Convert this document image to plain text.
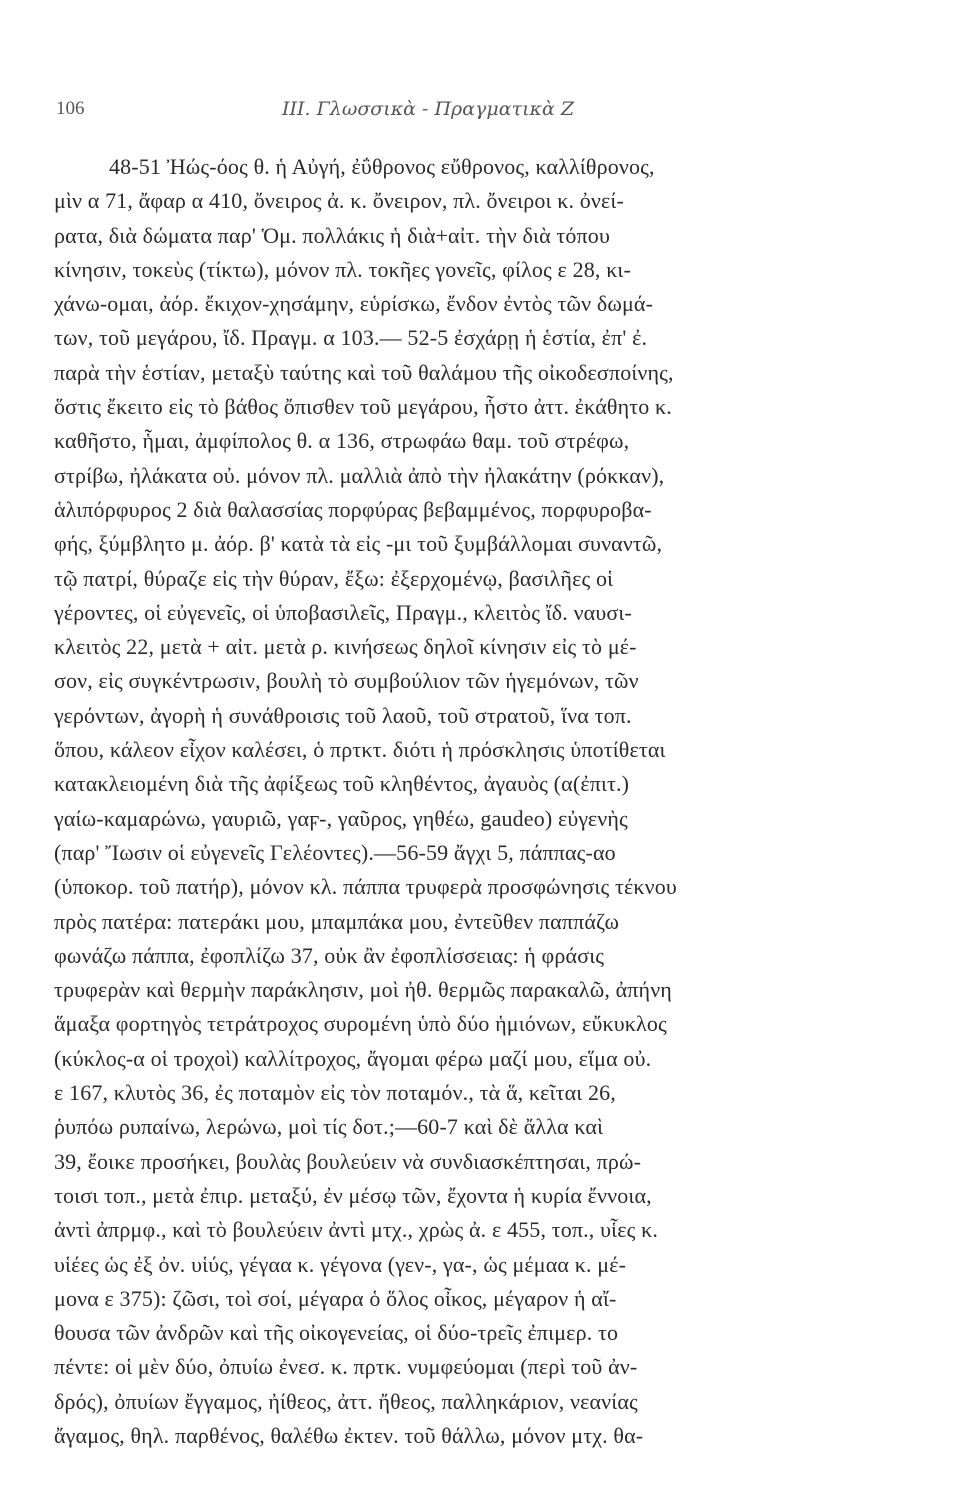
106	ΙΙΙ. Γλωσσικὰ - Πραγματικὰ Ζ
48-51 Ἠώς-όος θ. ἡ Αὐγή, ἐΰθρονος εὔθρονος, καλλίθρονος,
μὶν α 71, ἄφαρ α 410, ὄνειρος ἀ. κ. ὄνειρον, πλ. ὄνειροι κ. ὀνεί-
ρατα, διὰ δώματα παρ' Ὁμ. πολλάκις ἡ διὰ+αἰτ. τὴν διὰ τόπου
κίνησιν, τοκεὺς (τίκτω), μόνον πλ. τοκῆες γονεῖς, φίλος ε 28, κι-
χάνω-ομαι, ἀόρ. ἔκιχον-χησάμην, εὑρίσκω, ἔνδον ἐντὸς τῶν δωμά-
των, τοῦ μεγάρου, ἴδ. Πραγμ. α 103.— 52-5 ἐσχάρῃ ἡ ἑστία, ἐπ' ἐ.
παρὰ τὴν ἑστίαν, μεταξὺ ταύτης καὶ τοῦ θαλάμου τῆς οἰκοδεσποίνης,
ὅστις ἔκειτο εἰς τὸ βάθος ὄπισθεν τοῦ μεγάρου, ἧστο ἀττ. ἐκάθητο κ.
καθῆστο, ἧμαι, ἀμφίπολος θ. α 136, στρωφάω θαμ. τοῦ στρέφω,
στρίβω, ἠλάκατα οὐ. μόνον πλ. μαλλιὰ ἀπὸ τὴν ἠλακάτην (ρόκκαν),
ἁλιπόρφυρος 2 διὰ θαλασσίας πορφύρας βεβαμμένος, πορφυροβα-
φής, ξύμβλητο μ. ἀόρ. β' κατὰ τὰ εἰς -μι τοῦ ξυμβάλλομαι συναντῶ,
τῷ πατρί, θύραζε εἰς τὴν θύραν, ἔξω: ἐξερχομένῳ, βασιλῆες οἱ
γέροντες, οἱ εὐγενεῖς, οἱ ὑποβασιλεῖς, Πραγμ., κλειτὸς ἴδ. ναυσι-
κλειτὸς 22, μετὰ + αἰτ. μετὰ ρ. κινήσεως δηλοῖ κίνησιν εἰς τὸ μέ-
σον, εἰς συγκέντρωσιν, βουλὴ τὸ συμβούλιον τῶν ἡγεμόνων, τῶν
γερόντων, ἀγορὴ ἡ συνάθροισις τοῦ λαοῦ, τοῦ στρατοῦ, ἵνα τοπ.
ὅπου, κάλεον εἶχον καλέσει, ὁ πρτκτ. διότι ἡ πρόσκλησις ὑποτίθεται
κατακλειομένη διὰ τῆς ἀφίξεως τοῦ κληθέντος, ἀγαυὸς (α(ἐπιτ.)
γαίω-καμαρώνω, γαυριῶ, γαϝ-, γαῦρος, γηθέω, gaudeo) εὐγενὴς
(παρ' Ἴωσιν οἱ εὐγενεῖς Γελέοντες).—56-59 ἄγχι 5, πάππας-αο
(ὑποκορ. τοῦ πατήρ), μόνον κλ. πάππα τρυφερὰ προσφώνησις τέκνου
πρὸς πατέρα: πατεράκι μου, μπαμπάκα μου, ἐντεῦθεν παππάζω
φωνάζω πάππα, ἐφοπλίζω 37, οὐκ ἂν ἐφοπλίσσειας: ἡ φράσις
τρυφερὰν καὶ θερμὴν παράκλησιν, μοὶ ἠθ. θερμῶς παρακαλῶ, ἀπήνη
ἅμαξα φορτηγὸς τετράτροχος συρομένη ὑπὸ δύο ἡμιόνων, εὔκυκλος
(κύκλος-α οἱ τροχοὶ) καλλίτροχος, ἄγομαι φέρω μαζί μου, εἵμα οὐ.
ε 167, κλυτὸς 36, ἐς ποταμὸν εἰς τὸν ποταμόν., τὰ ἅ, κεῖται 26,
ῥυπόω ρυπαίνω, λερώνω, μοὶ τίς δοτ.;—60-7 καὶ δὲ ἄλλα καὶ
39, ἔοικε προσήκει, βουλὰς βουλεύειν νὰ συνδιασκέπτησαι, πρώ-
τοισι τοπ., μετὰ ἐπιρ. μεταξύ, ἐν μέσῳ τῶν, ἔχοντα ἡ κυρία ἔννοια,
ἀντὶ ἀπρμφ., καὶ τὸ βουλεύειν ἀντὶ μτχ., χρὼς ἀ. ε 455, τοπ., υἷες κ.
υἱέες ὡς ἐξ ὀν. υἱύς, γέγαα κ. γέγονα (γεν-, γα-, ὡς μέμαα κ. μέ-
μονα ε 375): ζῶσι, τοὶ σοί, μέγαρα ὁ ὅλος οἶκος, μέγαρον ἡ αἴ-
θουσα τῶν ἀνδρῶν καὶ τῆς οἰκογενείας, οἱ δύο-τρεῖς ἐπιμερ. το
πέντε: οἱ μὲν δύο, ὀπυίω ἐνεσ. κ. πρτκ. νυμφεύομαι (περὶ τοῦ ἀν-
δρός), ὀπυίων ἔγγαμος, ἠίθεος, ἀττ. ἤθεος, παλληκάριον, νεανίας
ἄγαμος, θηλ. παρθένος, θαλέθω ἐκτεν. τοῦ θάλλω, μόνον μτχ. θα-
